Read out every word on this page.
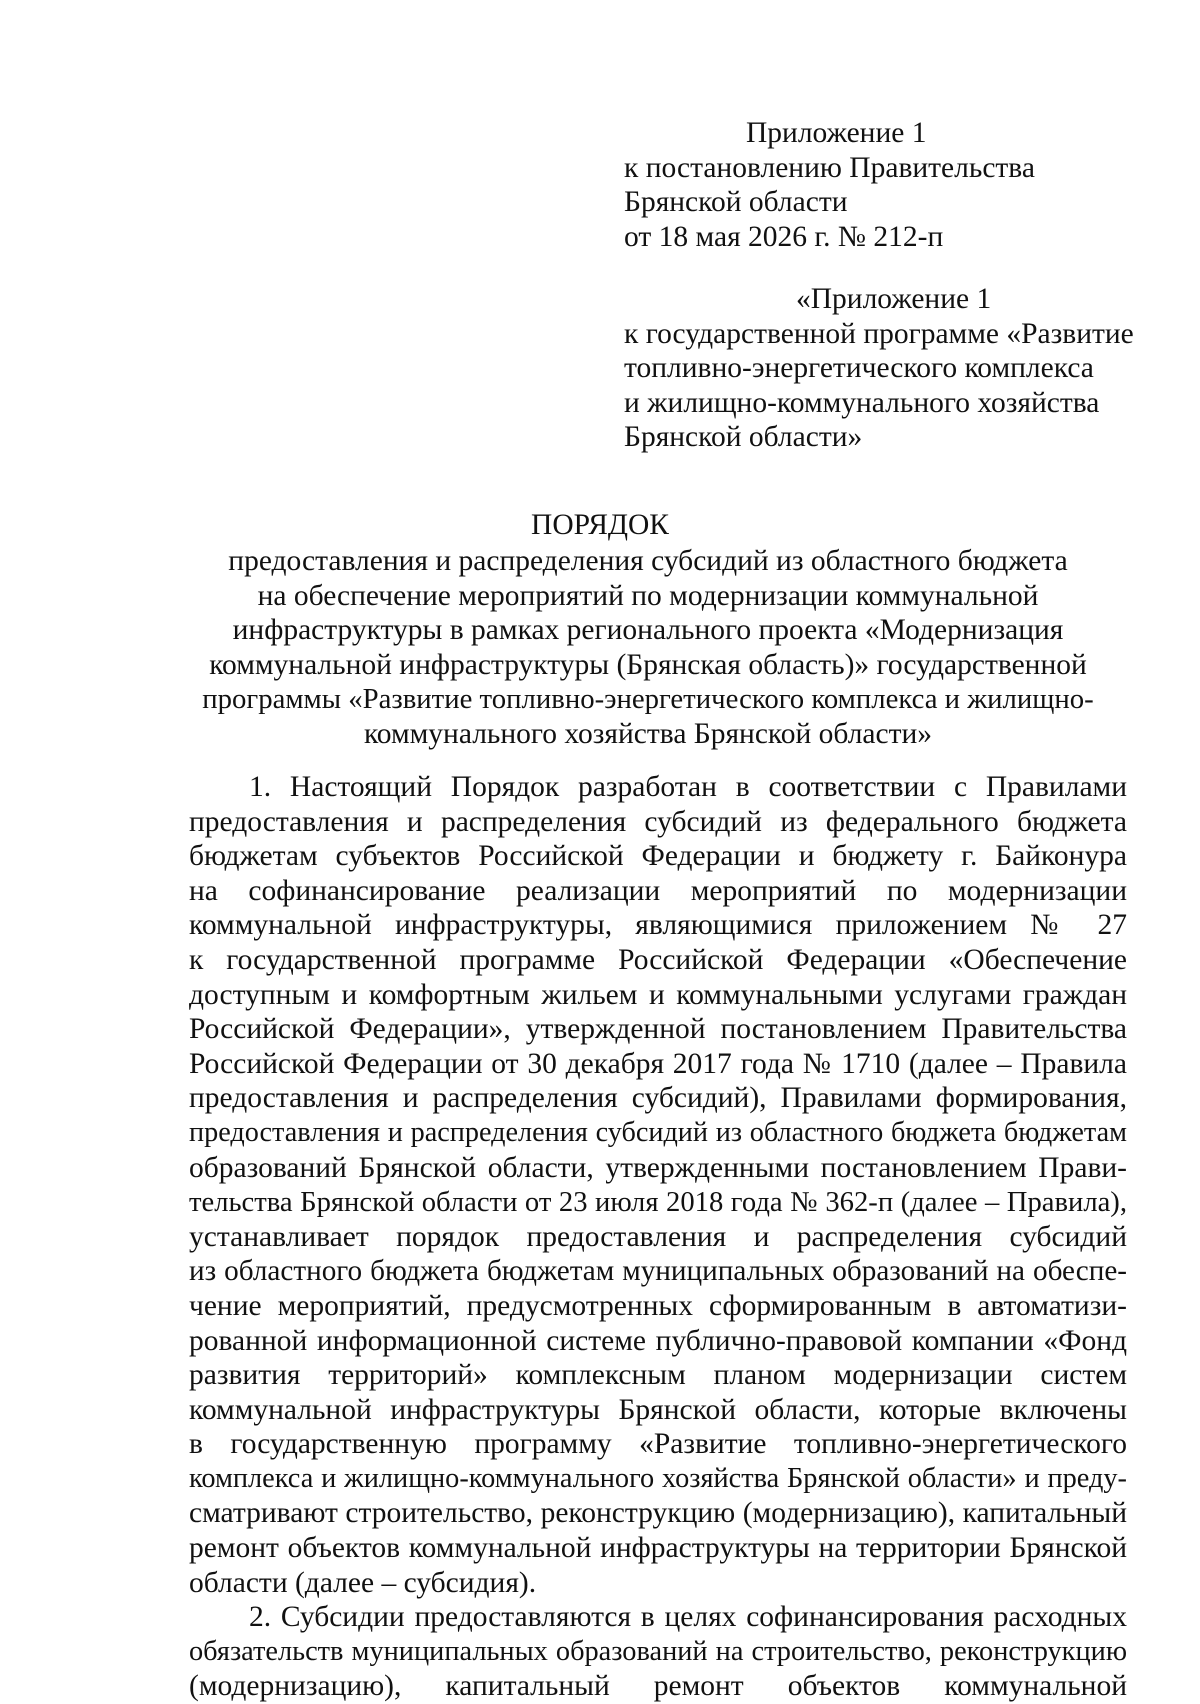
Приложение 1
к постановлению Правительства
Брянской области
от 18 мая 2026 г. № 212-п
«Приложение 1
к государственной программе «Развитие
топливно-энергетического комплекса
и жилищно-коммунального хозяйства
Брянской области»
ПОРЯДОК
предоставления и распределения субсидий из областного бюджета
на обеспечение мероприятий по модернизации коммунальной
инфраструктуры в рамках регионального проекта «Модернизация
коммунальной инфраструктуры (Брянская область)» государственной
программы «Развитие топливно-энергетического комплекса и жилищно-
коммунального хозяйства Брянской области»
1. Настоящий Порядок разработан в соответствии с Правилами
предоставления и распределения субсидий из федерального бюджета
бюджетам субъектов Российской Федерации и бюджету г. Байконура
на софинансирование реализации мероприятий по модернизации
коммунальной инфраструктуры, являющимися приложением № 27
к государственной программе Российской Федерации «Обеспечение
доступным и комфортным жильем и коммунальными услугами граждан
Российской Федерации», утвержденной постановлением Правительства
Российской Федерации от 30 декабря 2017 года № 1710 (далее – Правила
предоставления и распределения субсидий), Правилами формирования,
предоставления и распределения субсидий из областного бюджета бюджетам
образований Брянской области, утвержденными постановлением Прави-
тельства Брянской области от 23 июля 2018 года № 362-п (далее – Правила),
устанавливает порядок предоставления и распределения субсидий
из областного бюджета бюджетам муниципальных образований на обеспе-
чение мероприятий, предусмотренных сформированным в автоматизи-
рованной информационной системе публично-правовой компании «Фонд
развития территорий» комплексным планом модернизации систем
коммунальной инфраструктуры Брянской области, которые включены
в государственную программу «Развитие топливно-энергетического
комплекса и жилищно-коммунального хозяйства Брянской области» и преду-
сматривают строительство, реконструкцию (модернизацию), капитальный
ремонт объектов коммунальной инфраструктуры на территории Брянской
области (далее – субсидия).
2. Субсидии предоставляются в целях софинансирования расходных
обязательств муниципальных образований на строительство, реконструкцию
(модернизацию), капитальный ремонт объектов коммунальной
